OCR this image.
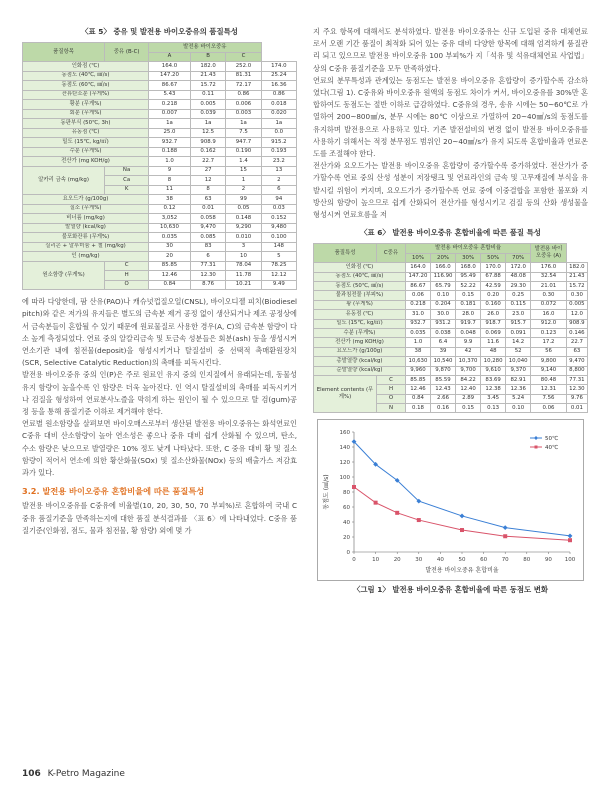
〈표 5〉 중유 및 발전용 바이오중유의 품질특성
품질항목	중유 (B-C)	발전용 바이오중유			
		A	B	C	
인화점 (℃)		164.0	182.0	252.0	174.0
동점도 (40℃, ㎟/s)		147.20	21.43	81.31	25.24
동점도 (60℃, ㎟/s)		86.67	15.72	72.17	16.36
잔류탄소분 (무게%)		5.43	0.11	0.86	0.86
황분 (무게%)		0.218	0.005	0.006	0.018
회분 (무게%)		0.007	0.039	0.003	0.020
동판부식 (50℃, 3h)		1a	1a	1a	1a
유동점 (℃)		25.0	12.5	7.5	0.0
밀도 (15℃, kg/㎥)		932.7	908.9	947.7	915.2
수분 (무게%)		0.188	0.162	0.190	0.193
전산가 (mg KOH/g)		1.0	22.7	1.4	23.2
알카리 금속 (mg/kg)	Na	9	27	15	13
	Ca	8	12	1	2
	K	11	8	2	6
요오드가 (g/100g)		38	63	99	94
질소 (무게%)		0.12	0.01	0.05	0.03
비너름 (mg/kg)		3,052	0.058	0.148	0.152
발열량 (kcal/kg)		10,630	9,470	9,290	9,480
불포화잔류 (무게%)		0.035	0.085	0.010	0.100
실리콘 + 알루미늄 + 철 (mg/kg)		30	83	3	148
인 (mg/kg)		20	6	10	5
원소함량 (무게%)	C	85.85	77.31	78.04	78.25
	H	12.46	12.30	11.78	12.12
	O	0.84	8.76	10.21	9.49

에 따라 다양한데, 팜 산유(PAO)나 캐슈넛껍질오일(CNSL), 바이오디젤 피치(Biodiesel pitch)와 같은 저가의 유지들은 별도의 금속분 제거 공정 없이 생산되거나 제조 공정상에서 금속분들이 혼합될 수 있기 때문에 원료물질로 사용한 경우(A, C)의 금속분 함량이 다소 높게 측정되었다. 연료 중의 알칼리금속 및 토금속 성분들은 회분(ash) 등을 생성시켜 연소기관 내에 침전물(deposit)을 형성시키거나 탈질설비 중 선택적 촉매환원장치(SCR, Selective Catalytic Reduction)의 촉매를 피독시킨다.

발전용 바이오중유 중의 인(P)은 주로 원료인 유지 중의 인지질에서 유래되는데, 동물성유지 함량이 높을수록 인 함량은 더욱 높아진다. 인 역시 탈질설비의 촉매를 피독시키거나 검질을 형성하여 연료분사노즐을 막히게 하는 원인이 될 수 있으므로 탈 검(gum)공정 등을 통해 품질기준 이하로 제거해야 한다.

연료별 원소함량을 살펴보면 바이오매스로부터 생산된 발전용 바이오중유는 화석연료인 C중유 대비 산소함량이 높아 연소성은 좋으나 중유 대비 쉽게 산화될 수 있으며, 탄소, 수소 함량은 낮으므로 발열량은 10% 정도 낮게 나타났다. 또한, C 중유 대비 황 및 질소 함량이 적어서 연소에 의한 황산화물(SOx) 및 질소산화물(NOx) 등의 배출가스 저감효과가 있다.

3.2. 발전용 바이오중유 혼합비율에 따른 품질특성

발전용 바이오중유를 C중유에 비율별(10, 20, 30, 50, 70 부피%)로 혼합하여 국내 C중유 품질기준을 만족하는지에 대한 품질 분석결과를 〈표 6〉에 나타내었다. C중유 품질기준(인화점, 점도, 물과 침전물, 황 함량) 외에 몇 가

지 주요 항목에 대해서도 분석하였다. 발전용 바이오중유는 신규 도입된 중유 대체연료로서 오랜 기간 품질이 최적화 되어 있는 중유 대비 다양한 항목에 대해 엄격하게 품질관리 되고 있으므로 발전용 바이오중유 100 부피%가 지「석유 및 석유대체연료 사업법」상의 C중유 품질기준을 모두 만족하였다.

연료의 분무특성과 관계있는 동점도는 발전용 바이오중유 혼합량이 증가할수록 감소하였다(그림 1). C중유와 바이오중유 원액의 동점도 차이가 커서, 바이오중유를 30%만 혼합하여도 동점도는 절반 이하로 급감하였다. C중유의 경우, 송유 시에는 50~60℃로 가열하여 200~800㎟/s, 분무 시에는 80℃ 이상으로 가열하여 20~40㎟/s의 동점도를 유지하며 발전용으로 사용하고 있다. 기존 발전설비의 변경 없이 발전용 바이오중유를 사용하기 위해서는 적정 분무점도 범위인 20~40㎟/s가 유지 되도록 혼합비율과 연료온도를 조절해야 한다.

전산가와 요오드가는 발전용 바이오중유 혼합량이 증가할수록 증가하였다. 전산가가 증가할수록 연료 중의 산성 성분이 저장탱크 및 연료라인의 금속 및 고무재질에 부식을 유발시킬 위험이 커지며, 요오드가가 증가할수록 연료 중에 이중결합을 포함한 불포화 지방산의 함량이 높으므로 쉽게 산화되어 전산가를 형성시키고 검질 등의 산화 생성물을 형성시켜 연료흐름을 저

〈표 6〉 발전용 바이오중유 혼합비율에 따른 품질 특성
품질특성	C중유	발전용 바이오중유 혼합비율					발전용 바이오중유 (A)	
		10%	20%	30%	50%	70%		
인화점 (℃)		164.0	166.0	168.0	170.0	172.0	176.0	182.0
동점도 (40℃, ㎟/s)		147.20	116.90	95.49	67.88	48.08	32.54	21.43
동점도 (50℃, ㎟/s)		86.67	65.79	52.22	42.59	29.30	21.01	15.72
물과침전물 (부피%)		0.06	0.10	0.15	0.20	0.25	0.30	0.30
황 (무게%)		0.218	0.204	0.181	0.160	0.115	0.072	0.005
유동점 (℃)		31.0	30.0	28.0	26.0	23.0	16.0	12.0
밀도 (15℃, kg/㎥)		932.7	931.2	919.7	918.7	915.7	912.0	908.9
수분 (무게%)		0.035	0.038	0.048	0.069	0.091	0.123	0.146
전산가 (mg KOH/g)		1.0	6.4	9.9	11.6	14.2	17.2	22.7
요오드가 (g/100g)		38	39	42	48	52	56	63
총발열량 (kcal/kg)		10,630	10,540	10,370	10,280	10,040	9,800	9,470
순발열량 (kcal/kg)		9,960	9,870	9,700	9,610	9,370	9,140	8,800
Element contents (무게%)	C	85.85	85.59	84.22	83.69	82.91	80.48	77.31
	H	12.46	12.43	12.40	12.38	12.36	12.31	12.30
	O	0.84	2.66	2.89	3.45	5.24	7.56	9.76
	N	0.18	0.16	0.15	0.13	0.10	0.06	0.01
0
20
40
60
80
100
120
140
160
0	10	20	30	40	50	60	70	80	90 100
발전용 바이오중유 혼합비율
동점도 (㎟/s)
50℃
40℃
〈그림 1〉 발전용 바이오중유 혼합비율에 따른 동점도 변화
106 K-Petro Magazine
